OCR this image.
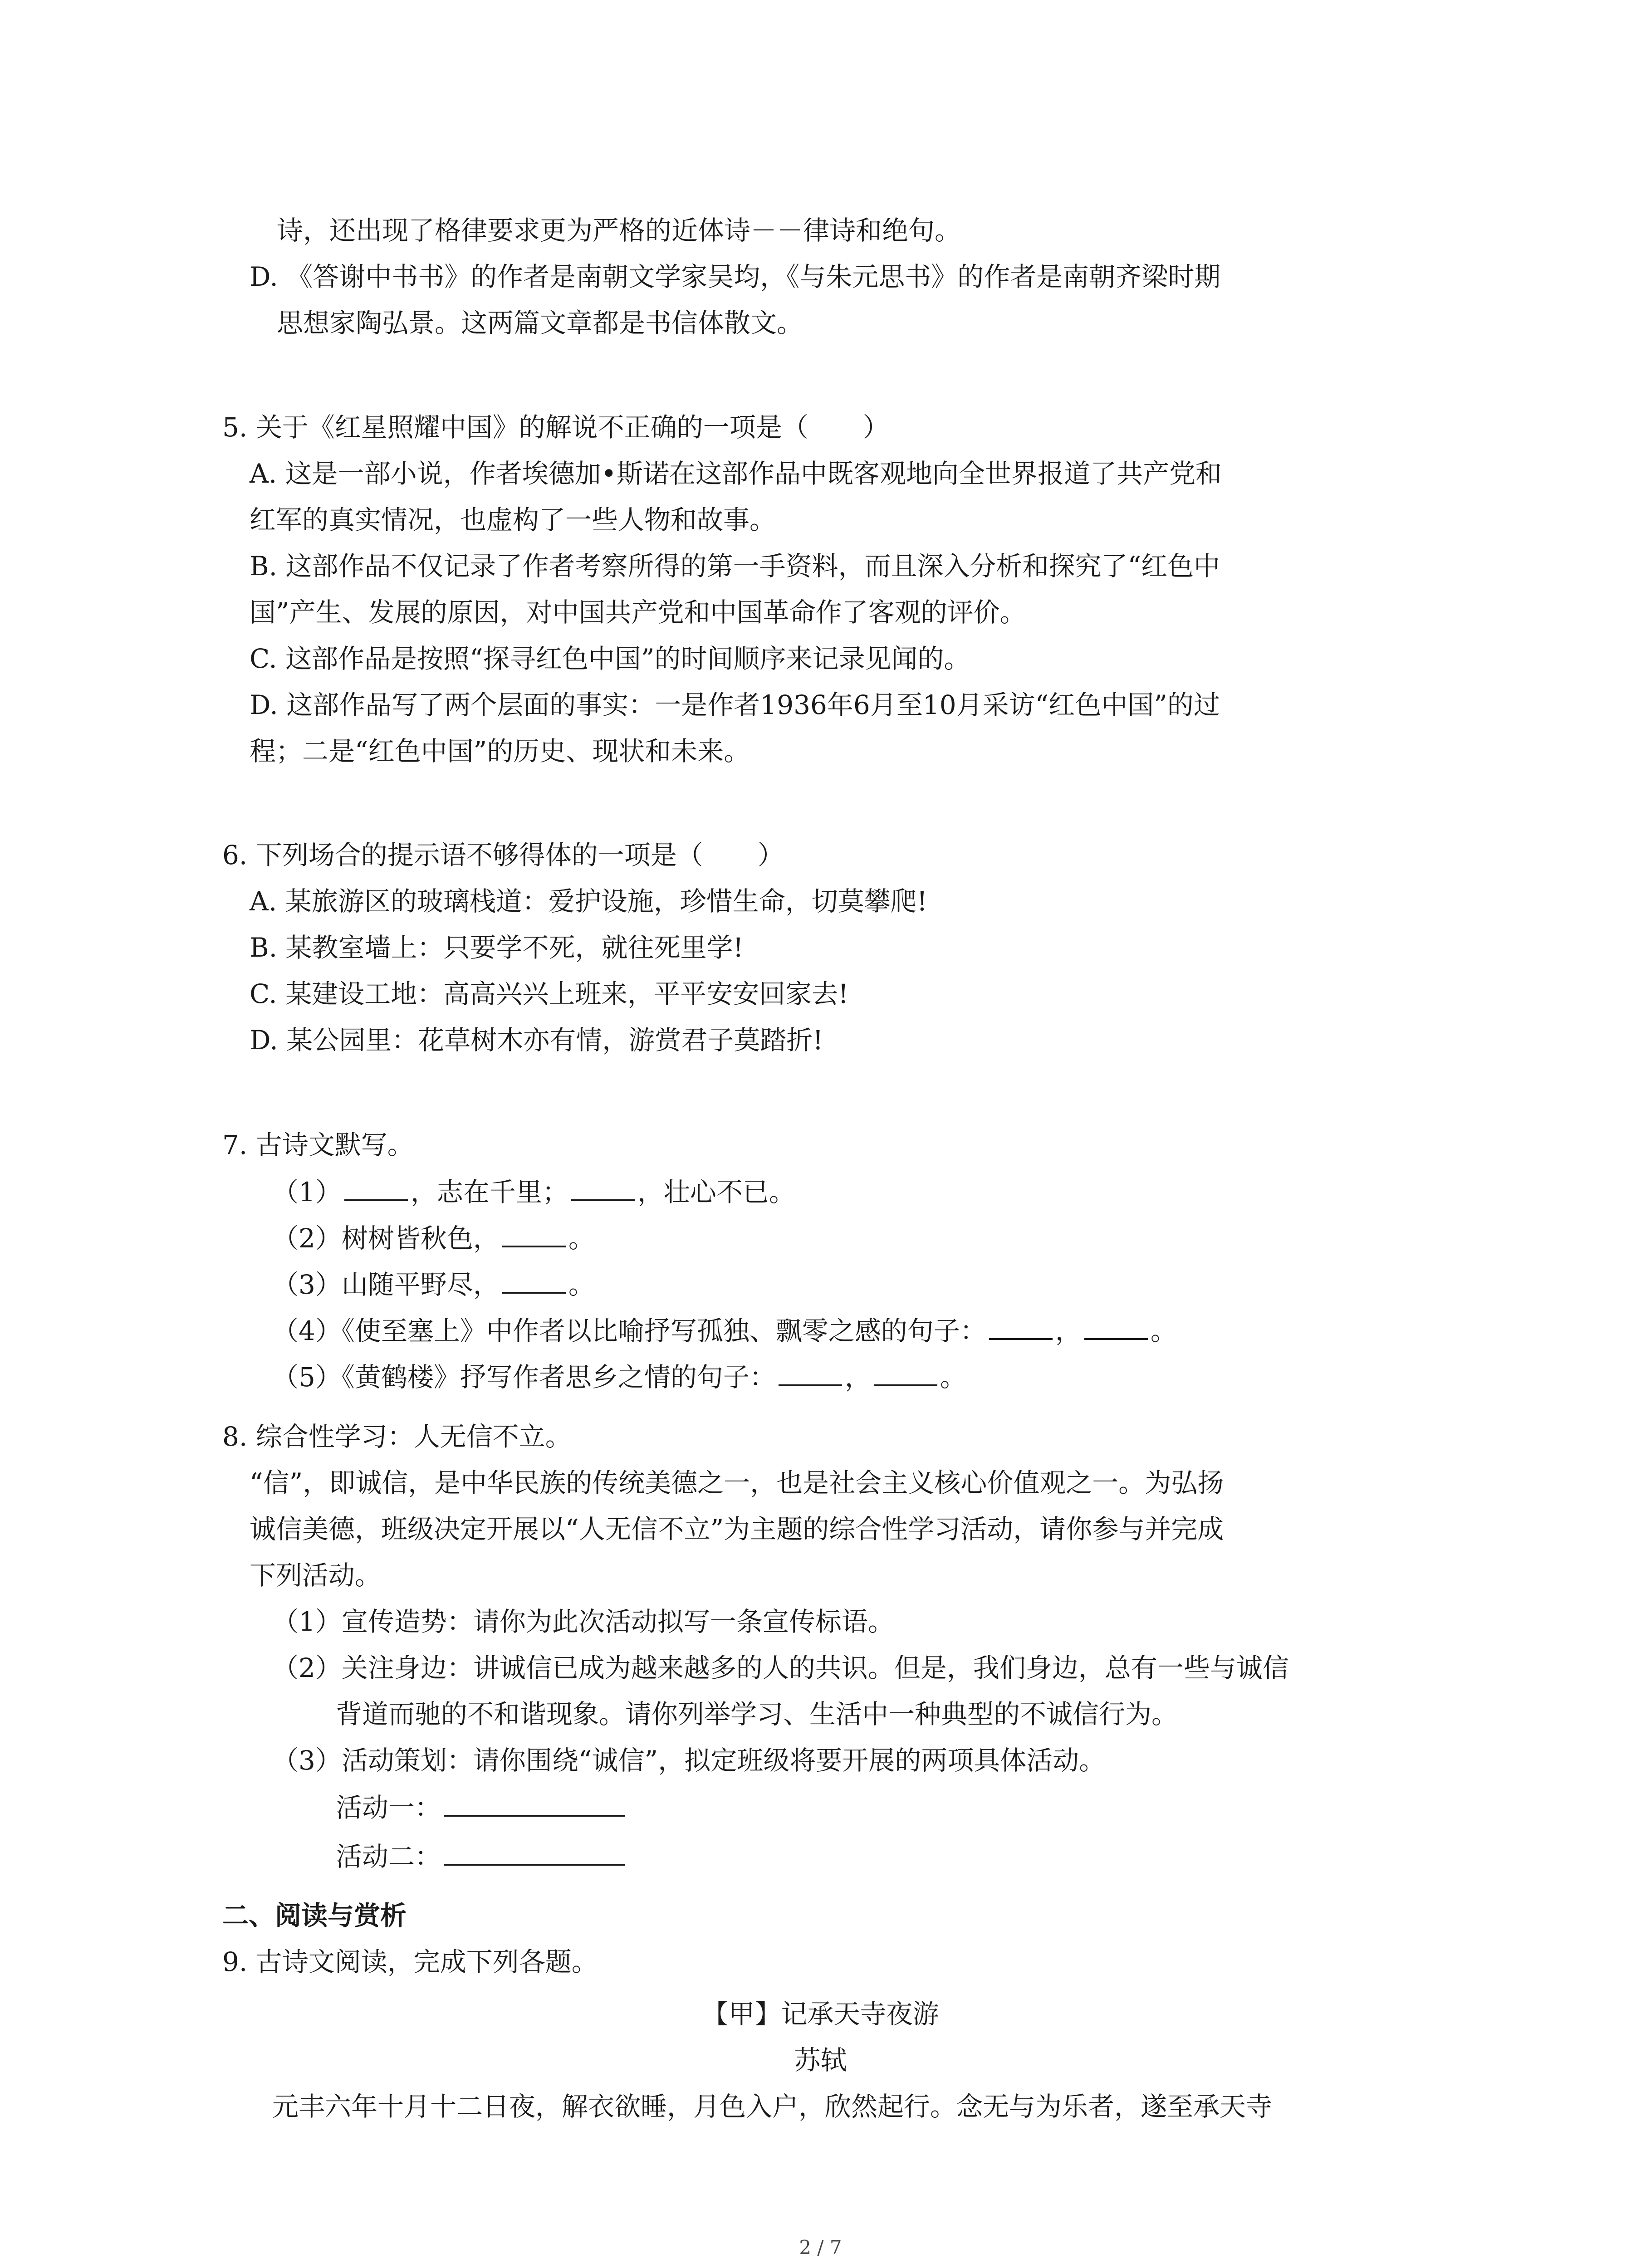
诗，还出现了格律要求更为严格的近体诗－－律诗和绝句。
D. 《答谢中书书》的作者是南朝文学家吴均，《与朱元思书》的作者是南朝齐梁时期
思想家陶弘景。这两篇文章都是书信体散文。
5. 关于《红星照耀中国》的解说不正确的一项是（ ）
A. 这是一部小说，作者埃德加•斯诺在这部作品中既客观地向全世界报道了共产党和
红军的真实情况，也虚构了一些人物和故事。
B. 这部作品不仅记录了作者考察所得的第一手资料，而且深入分析和探究了“红色中
国”产生、发展的原因，对中国共产党和中国革命作了客观的评价。
C. 这部作品是按照“探寻红色中国”的时间顺序来记录见闻的。
D. 这部作品写了两个层面的事实：一是作者1936年6月至10月采访“红色中国”的过
程；二是“红色中国”的历史、现状和未来。
6. 下列场合的提示语不够得体的一项是（ ）
A. 某旅游区的玻璃栈道：爱护设施，珍惜生命，切莫攀爬!
B. 某教室墙上：只要学不死，就往死里学!
C. 某建设工地：高高兴兴上班来，平平安安回家去!
D. 某公园里：花草树木亦有情，游赏君子莫踏折!
7. 古诗文默写。
（1）	，志在千里；	，壮心不已。
（2）树树皆秋色，	。
（3）山随平野尽，	。
（4）《使至塞上》中作者以比喻抒写孤独、飘零之感的句子：	，	。
（5）《黄鹤楼》抒写作者思乡之情的句子：	，	。
8. 综合性学习：人无信不立。
“信”，即诚信，是中华民族的传统美德之一，也是社会主义核心价值观之一。为弘扬
诚信美德，班级决定开展以“人无信不立”为主题的综合性学习活动，请你参与并完成
下列活动。
（1）宣传造势：请你为此次活动拟写一条宣传标语。
（2）关注身边：讲诚信已成为越来越多的人的共识。但是，我们身边，总有一些与诚信
背道而驰的不和谐现象。请你列举学习、生活中一种典型的不诚信行为。
（3）活动策划：请你围绕“诚信”，拟定班级将要开展的两项具体活动。
活动一：
活动二：
二、阅读与赏析
9. 古诗文阅读，完成下列各题。
【甲】记承天寺夜游
苏轼
元丰六年十月十二日夜，解衣欲睡，月色入户，欣然起行。念无与为乐者，遂至承天寺
2 / 7
